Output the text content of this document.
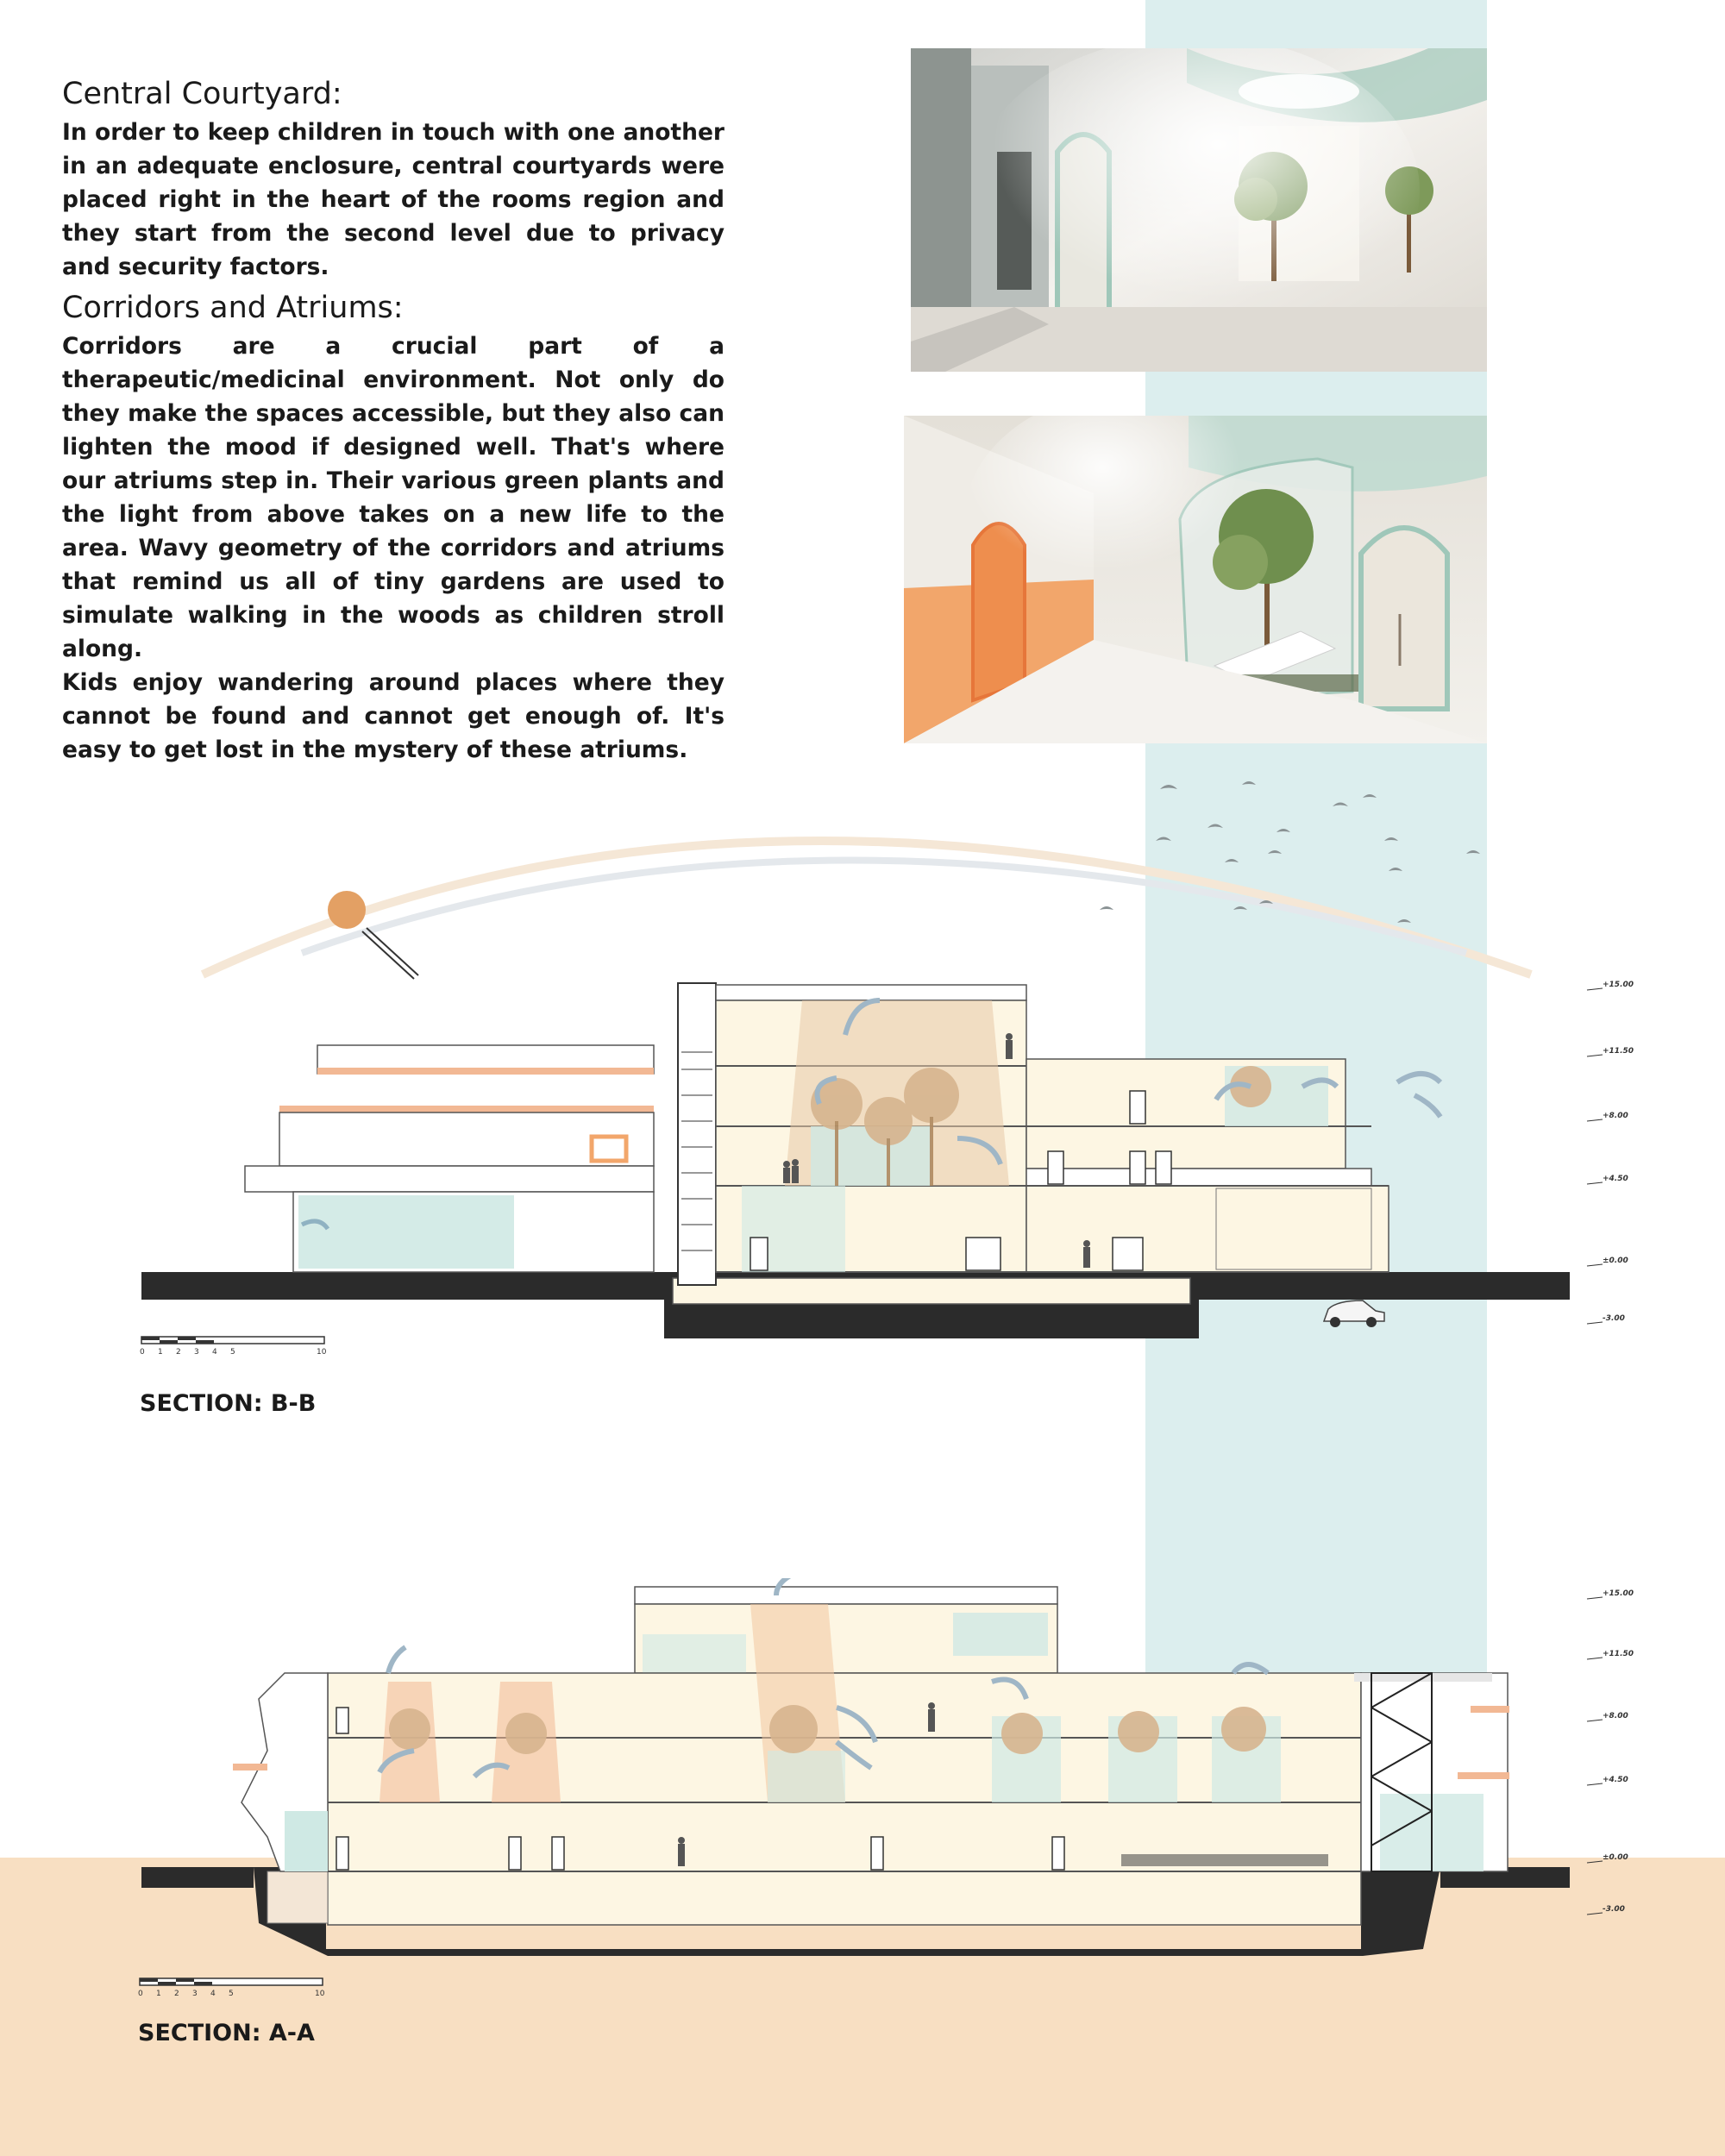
Central Courtyard:

In order to keep children in touch with one another in an adequate enclosure, central courtyards were placed right in the heart of the rooms region and they start from the second level due to privacy and security factors.

Corridors and Atriums:

Corridors are a crucial part of a therapeutic/medicinal environment. Not only do they make the spaces accessible, but they also can lighten the mood if designed well. That's where our atriums step in. Their various green plants and the light from above takes on a new life to the area. Wavy geometry of the corridors and atriums that remind us all of tiny gardens are used to simulate walking in the woods as children stroll along.

Kids enjoy wandering around places where they cannot be found and cannot get enough of. It's easy to get lost in the mystery of these atriums.

+15.00
+11.50
+8.00
+4.50
±0.00
-3.00
0 1 2 3 4 5	10
SECTION: B-B
+15.00
+11.50
+8.00
+4.50
±0.00
-3.00
0 1 2 3 4 5	10
SECTION: A-A
